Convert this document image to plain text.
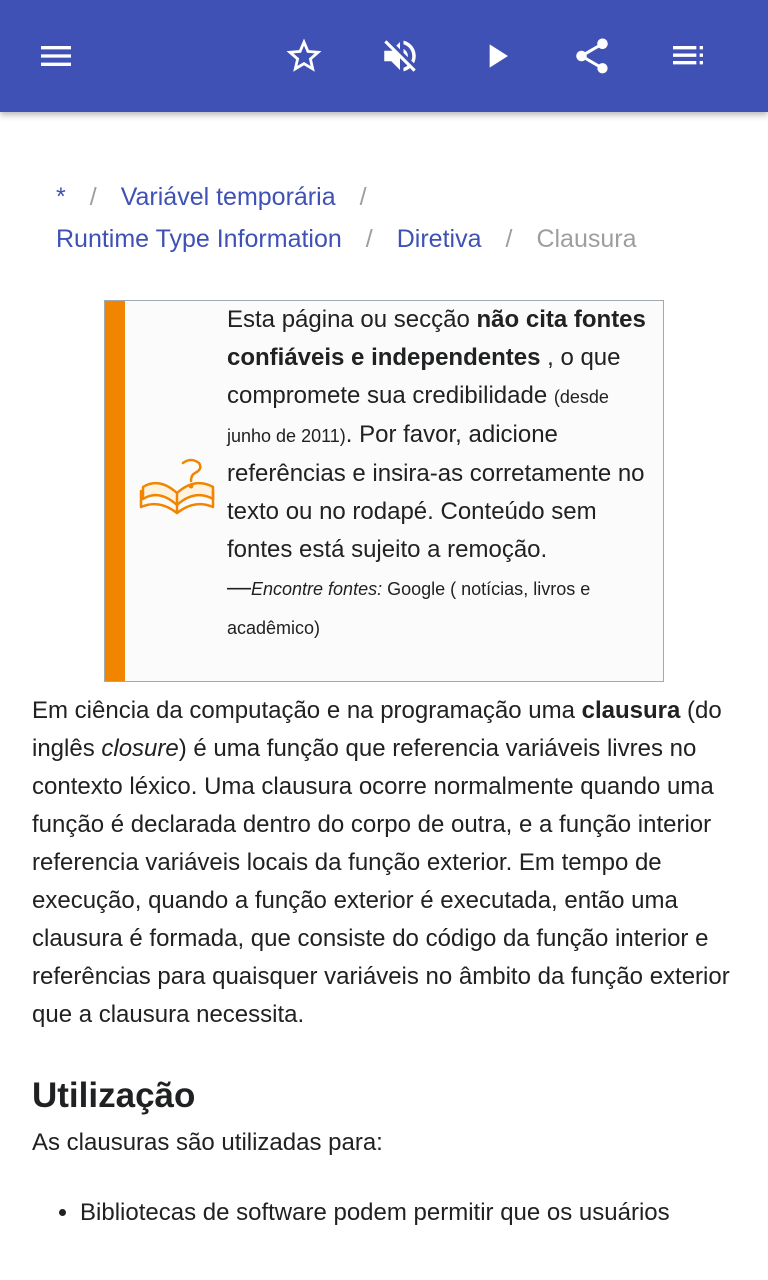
* / Variável temporária /
Runtime Type Information / Diretiva / Clausura
Esta página ou secção não cita fontes confiáveis e independentes , o que compromete sua credibilidade (desde junho de 2011). Por favor, adicione referências e insira-as corretamente no texto ou no rodapé. Conteúdo sem fontes está sujeito a remoção.
—Encontre fontes: Google ( notícias, livros e acadêmico)

Em ciência da computação e na programação uma clausura (do inglês closure) é uma função que referencia variáveis livres no contexto léxico. Uma clausura ocorre normalmente quando uma função é declarada dentro do corpo de outra, e a função interior referencia variáveis locais da função exterior. Em tempo de execução, quando a função exterior é executada, então uma clausura é formada, que consiste do código da função interior e referências para quaisquer variáveis no âmbito da função exterior que a clausura necessita.

Utilização

As clausuras são utilizadas para:

• Bibliotecas de software podem permitir que os usuários
